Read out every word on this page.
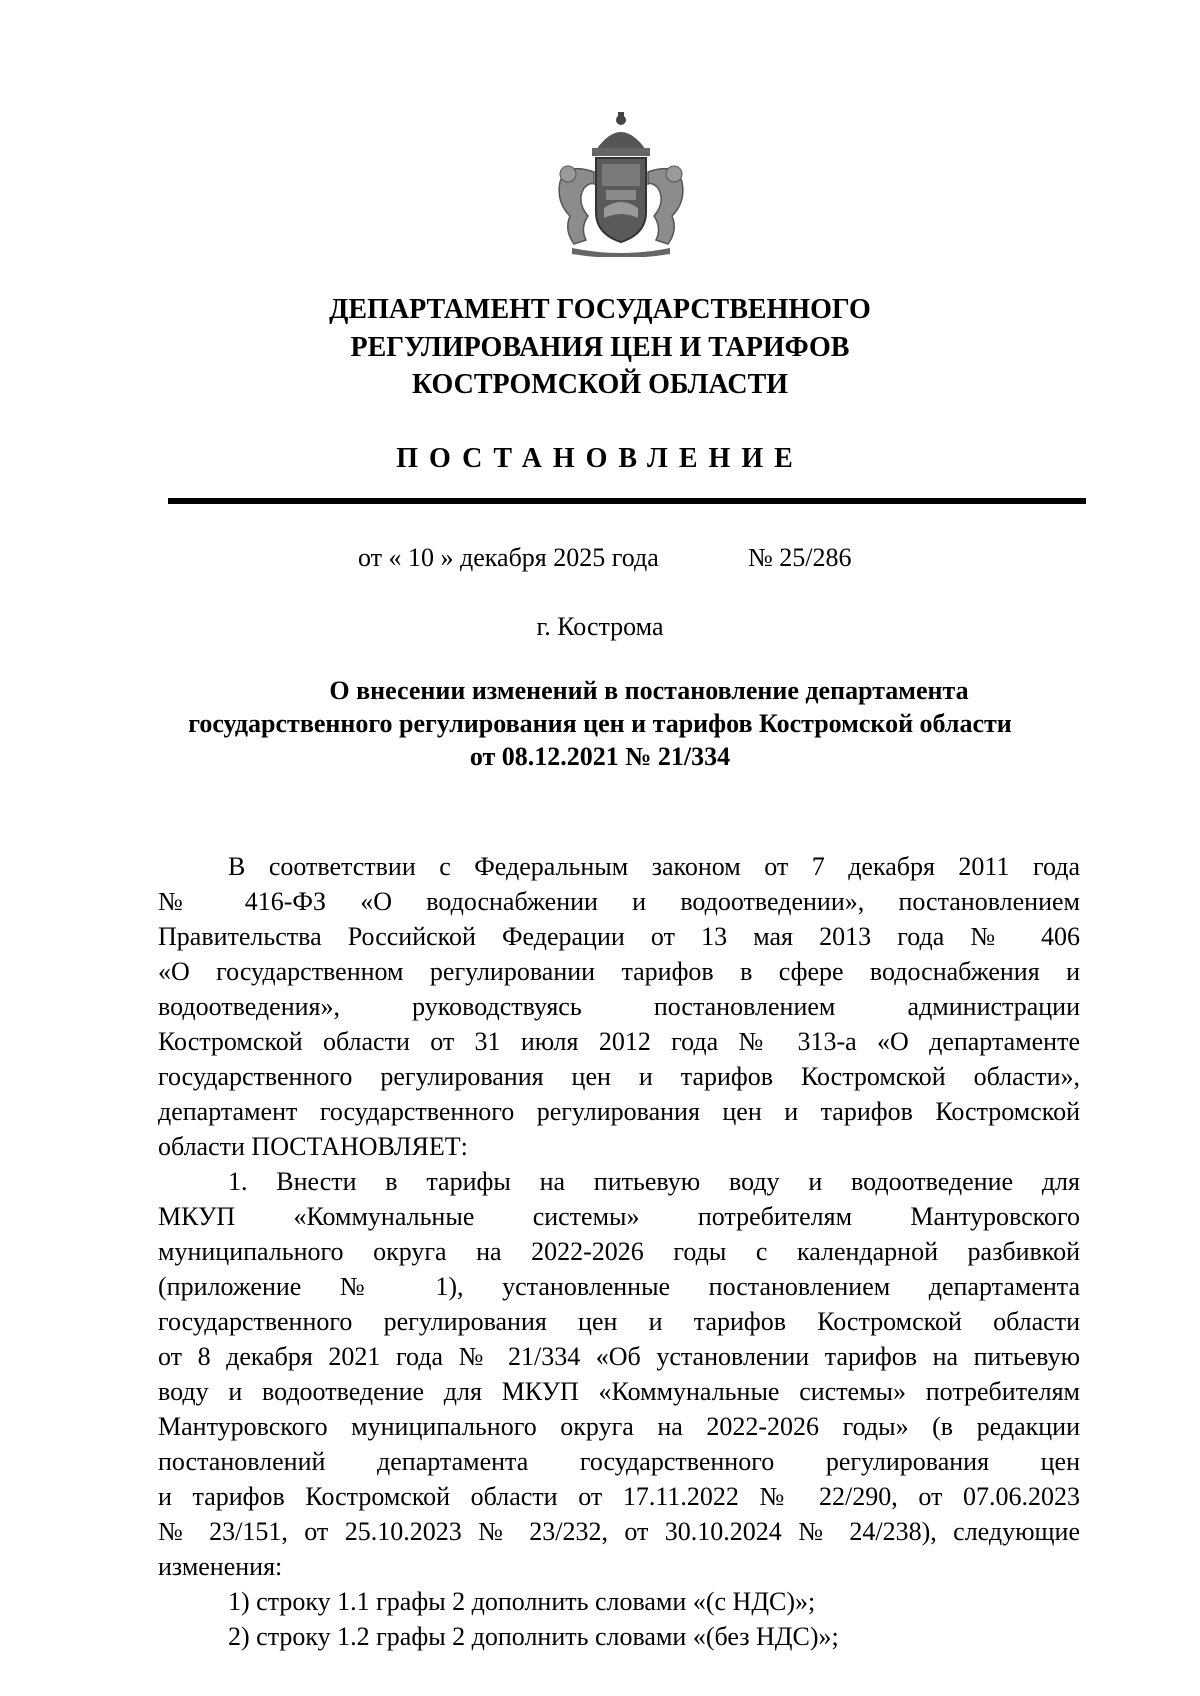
ДЕПАРТАМЕНТ ГОСУДАРСТВЕННОГО
РЕГУЛИРОВАНИЯ ЦЕН И ТАРИФОВ
КОСТРОМСКОЙ ОБЛАСТИ
ПОСТАНОВЛЕНИЕ
от « 10 » декабря 2025 года	№ 25/286
г. Кострома
О внесении изменений в постановление департамента
государственного регулирования цен и тарифов Костромской области
от 08.12.2021 № 21/334
В соответствии с Федеральным законом от 7 декабря 2011 года
№ 416-ФЗ «О водоснабжении и водоотведении», постановлением
Правительства Российской Федерации от 13 мая 2013 года № 406
«О государственном регулировании тарифов в сфере водоснабжения и
водоотведения», руководствуясь постановлением администрации
Костромской области от 31 июля 2012 года № 313-а «О департаменте
государственного регулирования цен и тарифов Костромской области»,
департамент государственного регулирования цен и тарифов Костромской
области ПОСТАНОВЛЯЕТ:
1. Внести в тарифы на питьевую воду и водоотведение для
МКУП «Коммунальные системы» потребителям Мантуровского
муниципального округа на 2022-2026 годы с календарной разбивкой
(приложение № 1), установленные постановлением департамента
государственного регулирования цен и тарифов Костромской области
от 8 декабря 2021 года № 21/334 «Об установлении тарифов на питьевую
воду и водоотведение для МКУП «Коммунальные системы» потребителям
Мантуровского муниципального округа на 2022-2026 годы» (в редакции
постановлений департамента государственного регулирования цен
и тарифов Костромской области от 17.11.2022 № 22/290, от 07.06.2023
№ 23/151, от 25.10.2023 № 23/232, от 30.10.2024 № 24/238), следующие
изменения:
1) строку 1.1 графы 2 дополнить словами «(с НДС)»;
2) строку 1.2 графы 2 дополнить словами «(без НДС)»;
